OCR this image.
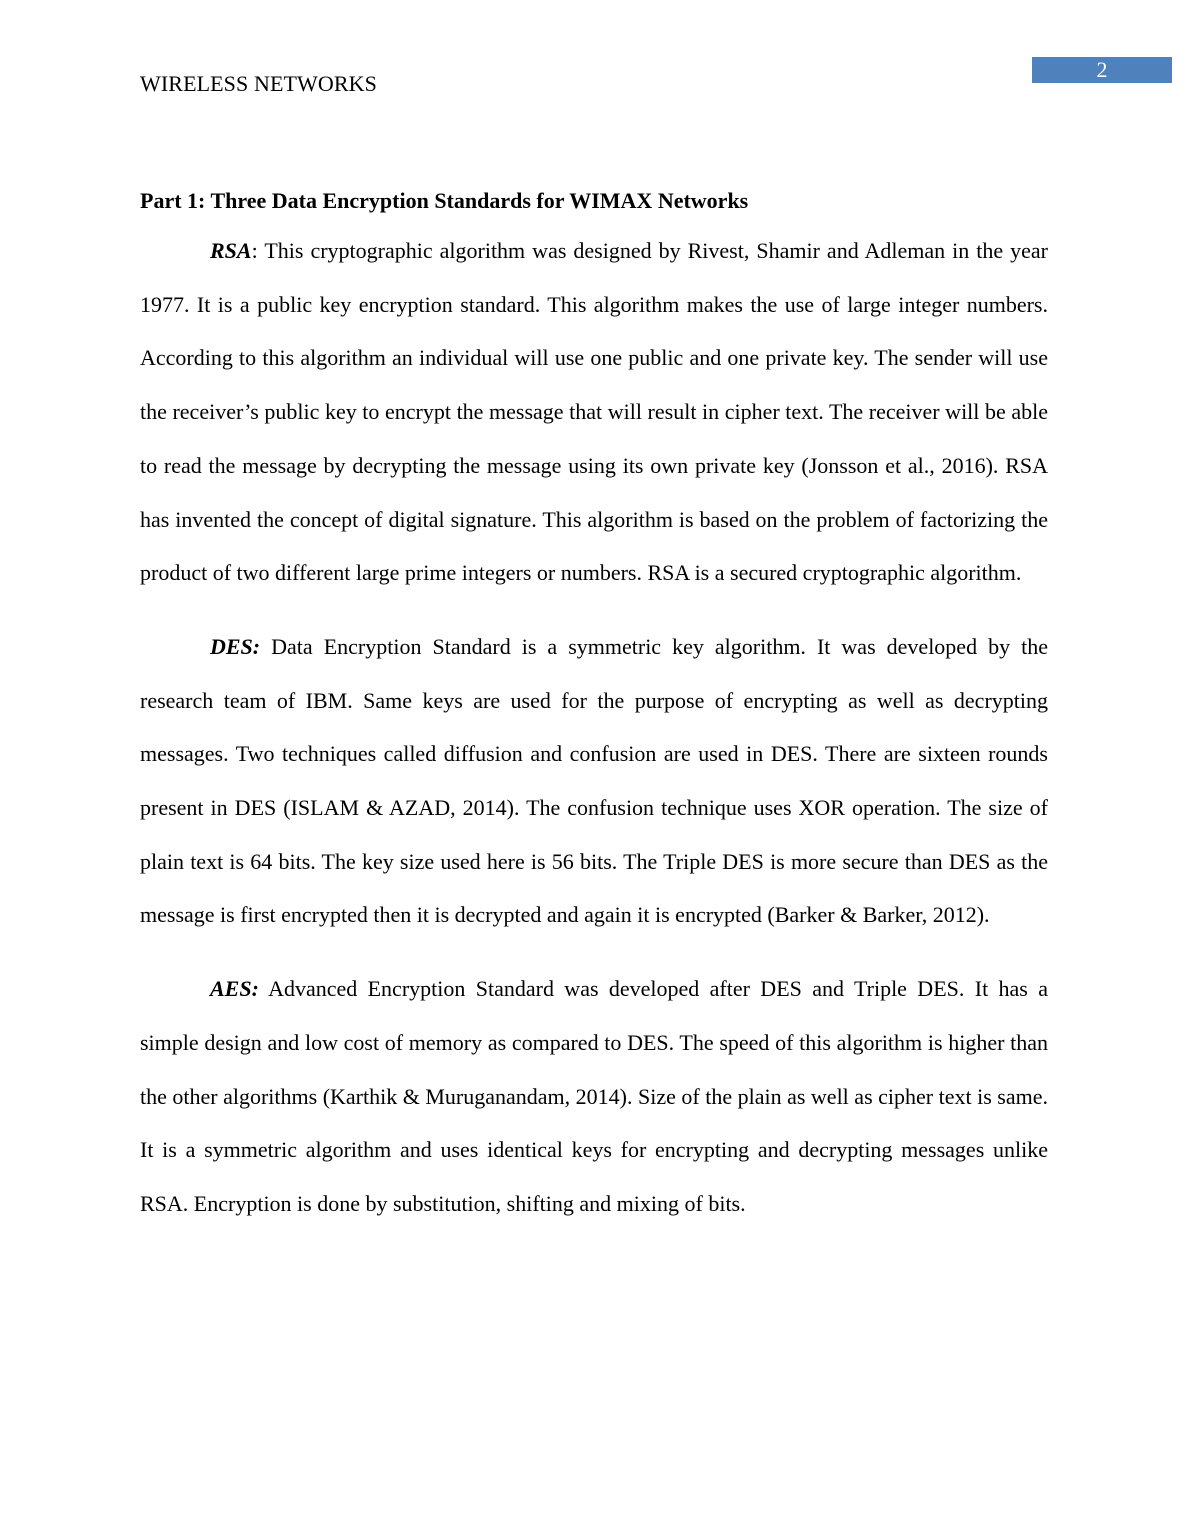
2
WIRELESS NETWORKS
Part 1: Three Data Encryption Standards for WIMAX Networks

RSA: This cryptographic algorithm was designed by Rivest, Shamir and Adleman in the year 1977. It is a public key encryption standard. This algorithm makes the use of large integer numbers. According to this algorithm an individual will use one public and one private key. The sender will use the receiver’s public key to encrypt the message that will result in cipher text. The receiver will be able to read the message by decrypting the message using its own private key (Jonsson et al., 2016). RSA has invented the concept of digital signature. This algorithm is based on the problem of factorizing the product of two different large prime integers or numbers. RSA is a secured cryptographic algorithm.

DES: Data Encryption Standard is a symmetric key algorithm. It was developed by the research team of IBM. Same keys are used for the purpose of encrypting as well as decrypting messages. Two techniques called diffusion and confusion are used in DES. There are sixteen rounds present in DES (ISLAM & AZAD, 2014). The confusion technique uses XOR operation. The size of plain text is 64 bits. The key size used here is 56 bits. The Triple DES is more secure than DES as the message is first encrypted then it is decrypted and again it is encrypted (Barker & Barker, 2012).

AES: Advanced Encryption Standard was developed after DES and Triple DES. It has a simple design and low cost of memory as compared to DES. The speed of this algorithm is higher than the other algorithms (Karthik & Muruganandam, 2014). Size of the plain as well as cipher text is same. It is a symmetric algorithm and uses identical keys for encrypting and decrypting messages unlike RSA. Encryption is done by substitution, shifting and mixing of bits.
